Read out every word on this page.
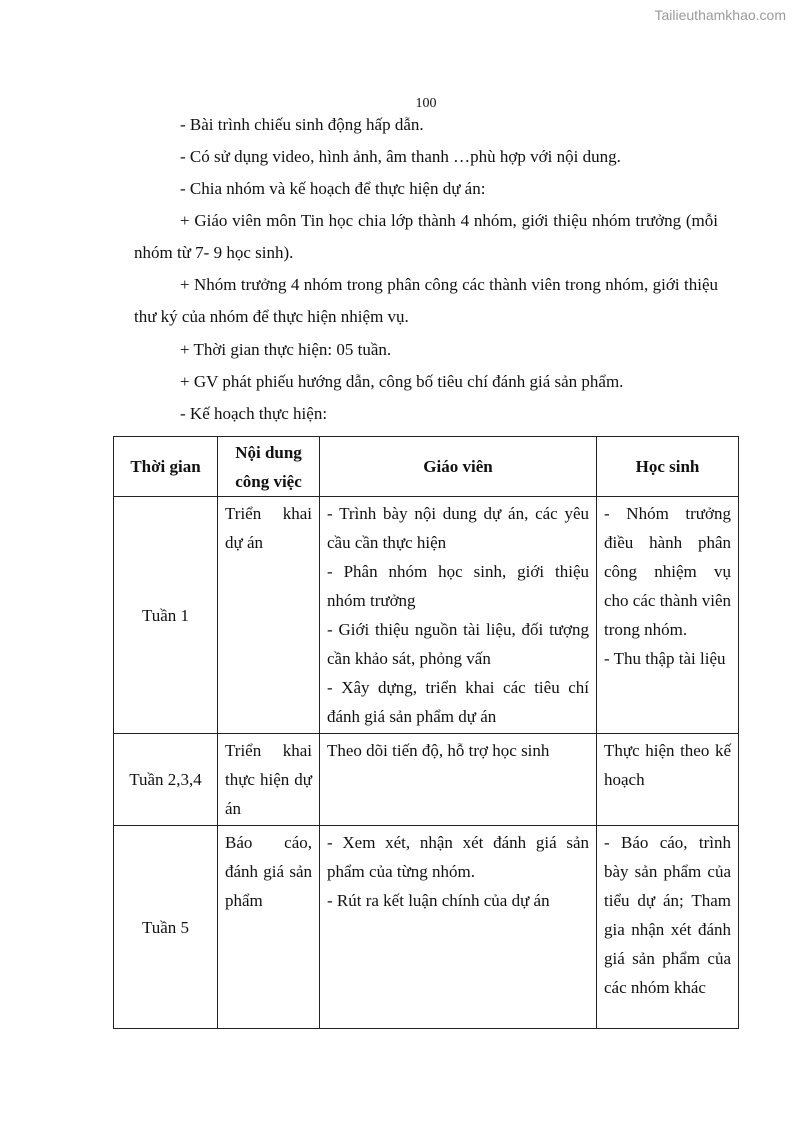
Tailieuthamkhao.com
100

- Bài trình chiếu sinh động hấp dẫn.

- Có sử dụng video, hình ảnh, âm thanh …phù hợp với nội dung.

- Chia nhóm và kế hoạch để thực hiện dự án:

+ Giáo viên môn Tin học chia lớp thành 4 nhóm, giới thiệu nhóm trưởng (mỗi nhóm từ 7- 9 học sinh).

+ Nhóm trưởng 4 nhóm trong phân công các thành viên trong nhóm, giới thiệu thư ký của nhóm để thực hiện nhiệm vụ.

+ Thời gian thực hiện: 05 tuần.

+ GV phát phiếu hướng dẫn, công bố tiêu chí đánh giá sản phẩm.

- Kế hoạch thực hiện:

Thời gian	Nội dung công việc	Giáo viên	Học sinh
Tuần 1	Triển khai dự án	- Trình bày nội dung dự án, các yêu cầu cần thực hiện
- Phân nhóm học sinh, giới thiệu nhóm trưởng
- Giới thiệu nguồn tài liệu, đối tượng cần khảo sát, phỏng vấn
- Xây dựng, triển khai các tiêu chí đánh giá sản phẩm dự án	- Nhóm trưởng điều hành phân công nhiệm vụ cho các thành viên trong nhóm.
- Thu thập tài liệu

Tuần 2,3,4	Triển khai thực hiện dự án	Theo dõi tiến độ, hỗ trợ học sinh	Thực hiện theo kế hoạch

Tuần 5	Báo cáo, đánh giá sản phẩm	- Xem xét, nhận xét đánh giá sản phẩm của từng nhóm.
- Rút ra kết luận chính của dự án	- Báo cáo, trình bày sản phẩm của tiểu dự án; Tham gia nhận xét đánh giá sản phẩm của các nhóm khác
